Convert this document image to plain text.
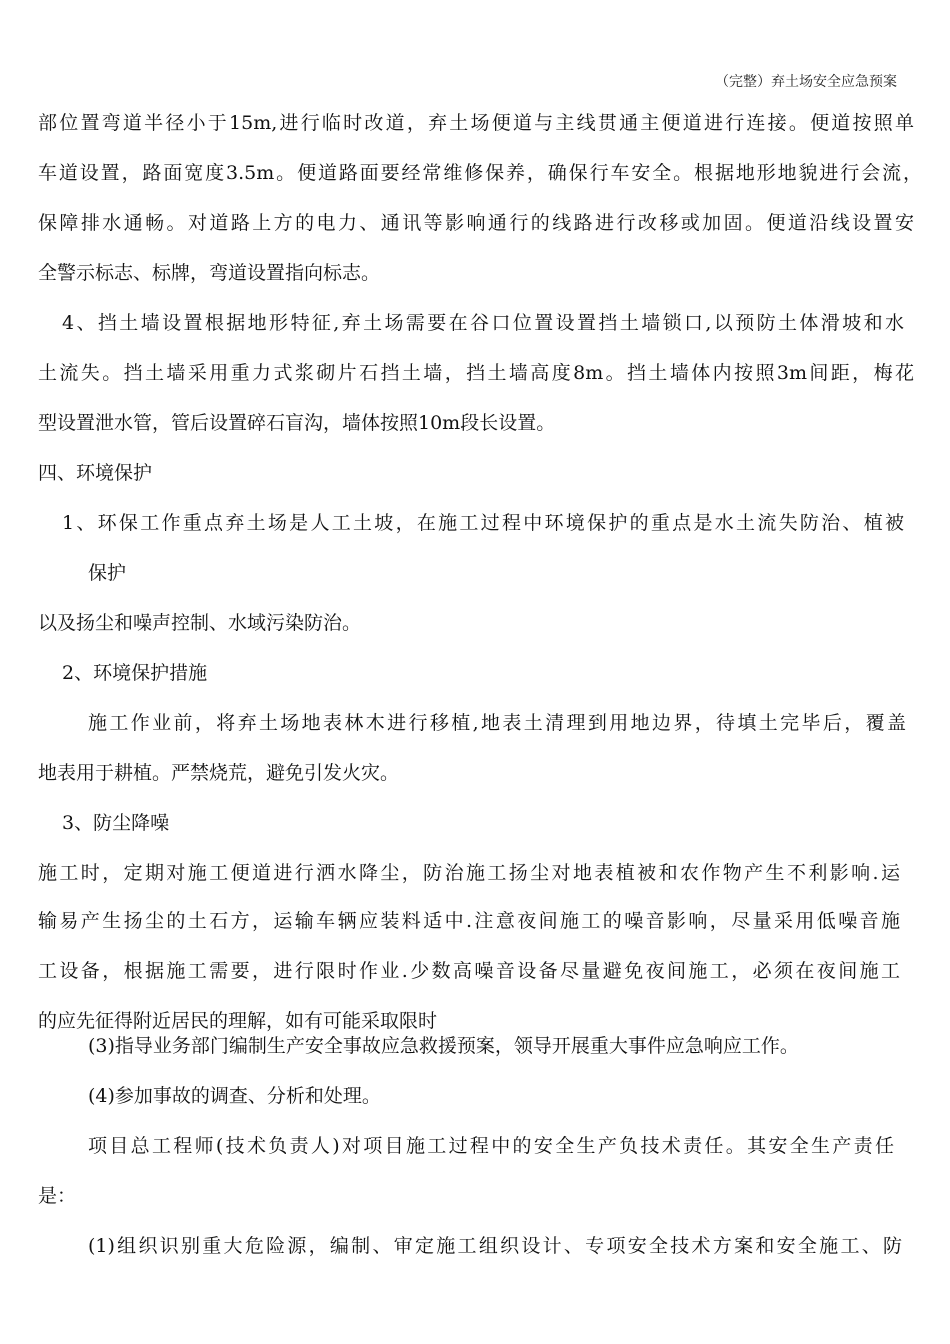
（完整）弃土场安全应急预案
部位置弯道半径小于15m,进行临时改道，弃土场便道与主线贯通主便道进行连接。便道按照单
车道设置，路面宽度3.5m。便道路面要经常维修保养，确保行车安全。根据地形地貌进行会流，
保障排水通畅。对道路上方的电力、通讯等影响通行的线路进行改移或加固。便道沿线设置安
全警示标志、标牌，弯道设置指向标志。
4、挡土墙设置根据地形特征,弃土场需要在谷口位置设置挡土墙锁口,以预防土体滑坡和水
土流失。挡土墙采用重力式浆砌片石挡土墙，挡土墙高度8m。挡土墙体内按照3m间距，梅花
型设置泄水管，管后设置碎石盲沟，墙体按照10m段长设置。
四、环境保护
1、环保工作重点弃土场是人工土坡，在施工过程中环境保护的重点是水土流失防治、植被
保护
以及扬尘和噪声控制、水域污染防治。
2、环境保护措施
施工作业前，将弃土场地表林木进行移植,地表土清理到用地边界，待填土完毕后，覆盖
地表用于耕植。严禁烧荒，避免引发火灾。
3、防尘降噪
施工时，定期对施工便道进行洒水降尘，防治施工扬尘对地表植被和农作物产生不利影响.运
输易产生扬尘的土石方，运输车辆应装料适中.注意夜间施工的噪音影响，尽量采用低噪音施
工设备，根据施工需要，进行限时作业.少数高噪音设备尽量避免夜间施工，必须在夜间施工
的应先征得附近居民的理解，如有可能采取限时
(3)指导业务部门编制生产安全事故应急救援预案，领导开展重大事件应急响应工作。
(4)参加事故的调查、分析和处理。
项目总工程师(技术负责人)对项目施工过程中的安全生产负技术责任。其安全生产责任
是：
(1)组织识别重大危险源，编制、审定施工组织设计、专项安全技术方案和安全施工、防
